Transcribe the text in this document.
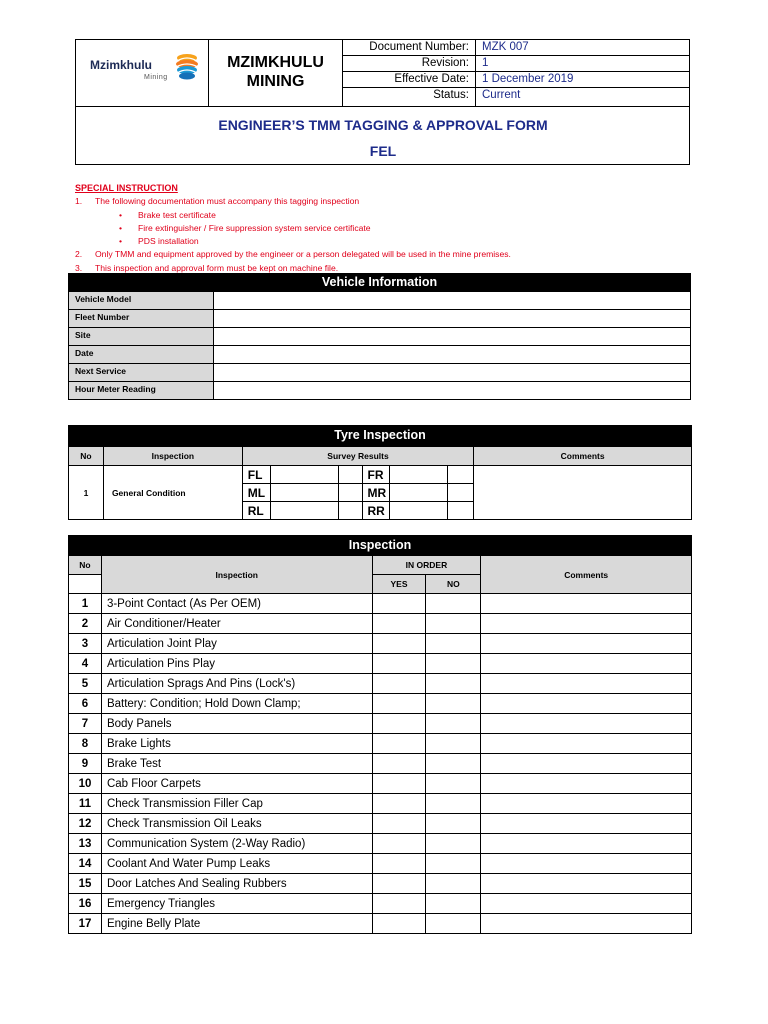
Mzimkhulu
Mining
MZIMKHULU
MINING
Document Number:	MZK 007
Revision:	1
Effective Date:	1 December 2019
Status:	Current
ENGINEER’S TMM TAGGING & APPROVAL FORM
FEL
SPECIAL INSTRUCTION
1. The following documentation must accompany this tagging inspection
• Brake test certificate
• Fire extinguisher / Fire suppression system service certificate
• PDS installation
2. Only TMM and equipment approved by the engineer or a person delegated will be used in the mine premises.
3. This inspection and approval form must be kept on machine file.
Vehicle Information
Vehicle Model
Fleet Number
Site
Date
Next Service
Hour Meter Reading
Tyre Inspection
No	Inspection	Survey Results						Comments
1	General Condition	FL			FR			
		ML			MR			
		RL			RR			
Inspection
No	Inspection	IN ORDER		Comments
		YES	NO	
1	3-Point Contact (As Per OEM)			
2	Air Conditioner/Heater			
3	Articulation Joint Play			
4	Articulation Pins Play			
5	Articulation Sprags And Pins (Lock's)			
6	Battery: Condition; Hold Down Clamp;			
7	Body Panels			
8	Brake Lights			
9	Brake Test			
10	Cab Floor Carpets			
11	Check Transmission Filler Cap			
12	Check Transmission Oil Leaks			
13	Communication System (2-Way Radio)			
14	Coolant And Water Pump Leaks			
15	Door Latches And Sealing Rubbers			
16	Emergency Triangles			
17	Engine Belly Plate			
